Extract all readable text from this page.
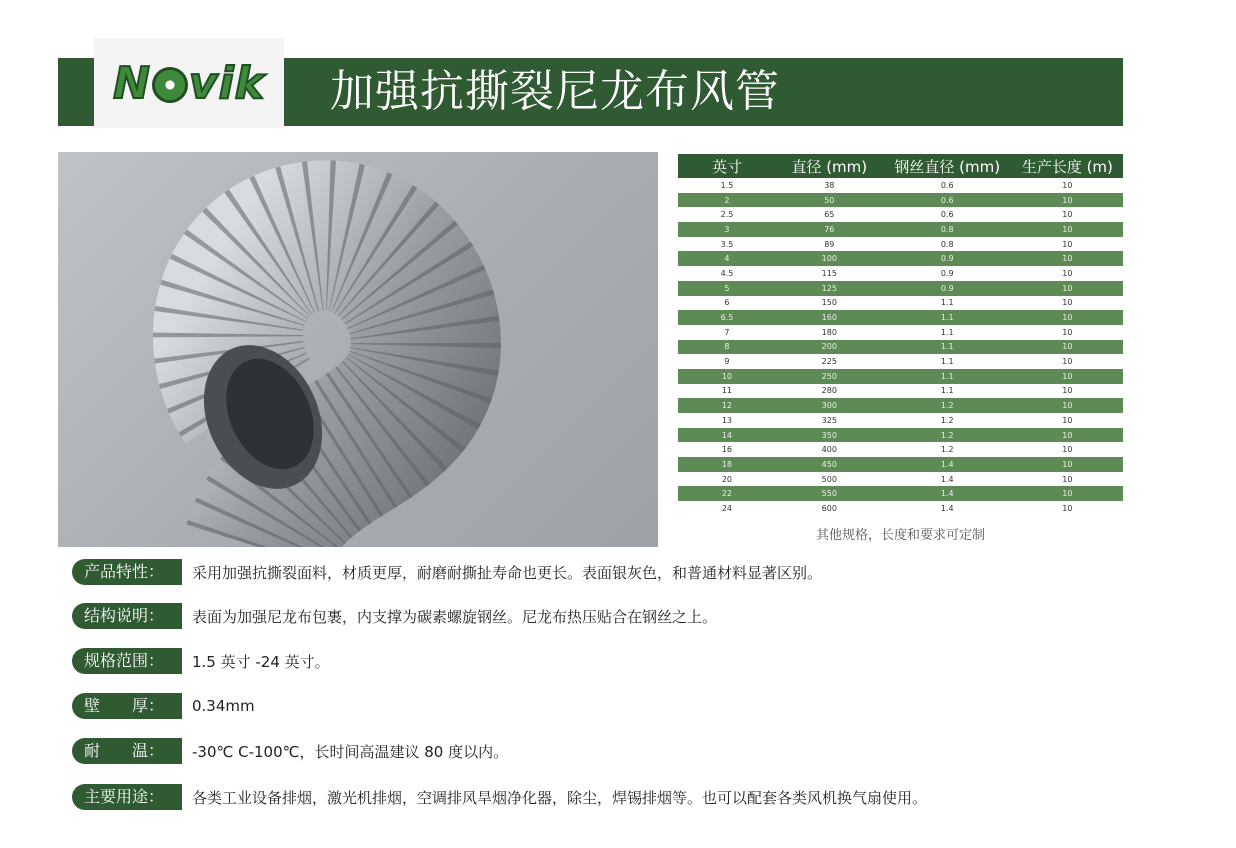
N vik 加强抗撕裂尼龙布风管
英寸	直径 (mm)	钢丝直径 (mm)	生产长度 (m)
1.5	38	0.6	10
2	50	0.6	10
2.5	65	0.6	10
3	76	0.8	10
3.5	89	0.8	10
4	100	0.9	10
4.5	115	0.9	10
5	125	0.9	10
6	150	1.1	10
6.5	160	1.1	10
7	180	1.1	10
8	200	1.1	10
9	225	1.1	10
10	250	1.1	10
11	280	1.1	10
12	300	1.2	10
13	325	1.2	10
14	350	1.2	10
16	400	1.2	10
18	450	1.4	10
20	500	1.4	10
22	550	1.4	10
24	600	1.4	10
其他规格，长度和要求可定制
产品特性：	采用加强抗撕裂面料，材质更厚，耐磨耐撕扯寿命也更长。表面银灰色，和普通材料显著区别。
结构说明：	表面为加强尼龙布包裹，内支撑为碳素螺旋钢丝。尼龙布热压贴合在钢丝之上。
规格范围：	1.5 英寸 -24 英寸。
壁　　厚：	0.34mm
耐　　温：	-30℃ C-100℃，长时间高温建议 80 度以内。
主要用途：	各类工业设备排烟，激光机排烟，空调排风旱烟净化器，除尘，焊锡排烟等。也可以配套各类风机换气扇使用。
